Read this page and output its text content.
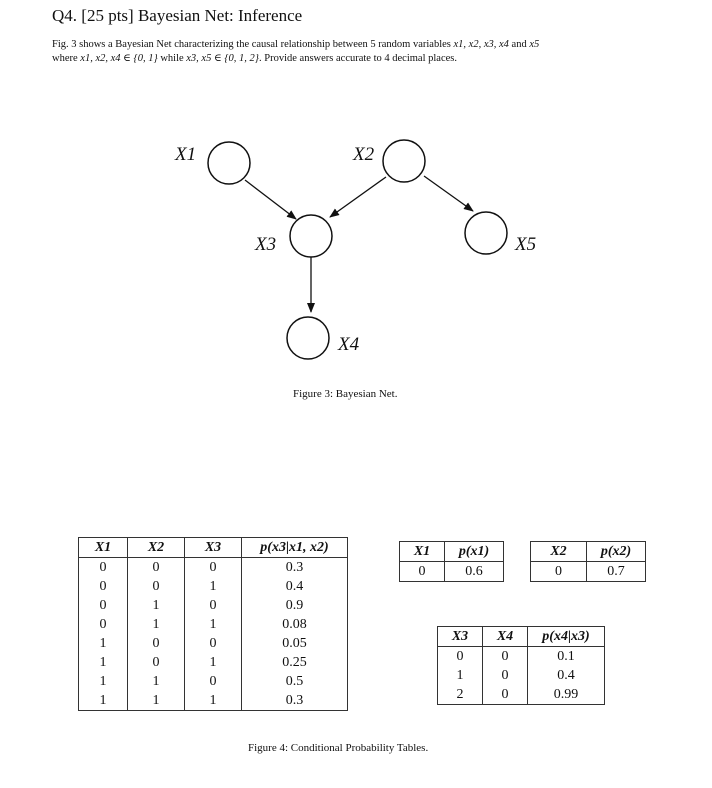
Q4. [25 pts] Bayesian Net: Inference
Fig. 3 shows a Bayesian Net characterizing the causal relationship between 5 random variables x1, x2, x3, x4 and x5
where x1, x2, x4 ∈ {0, 1} while x3, x5 ∈ {0, 1, 2}. Provide answers accurate to 4 decimal places.
X1	X2
X3	X5
X4
Figure 3: Bayesian Net.
X1	X2	X3	p(x3|x1, x2)
0	0	0	0.3
0	0	1	0.4
0	1	0	0.9
0	1	1	0.08
1	0	0	0.05
1	0	1	0.25
1	1	0	0.5
1	1	1	0.3
X1	p(x1)
0	0.6
X2	p(x2)
0	0.7
X3	X4	p(x4|x3)
0	0	0.1
1	0	0.4
2	0	0.99
Figure 4: Conditional Probability Tables.
